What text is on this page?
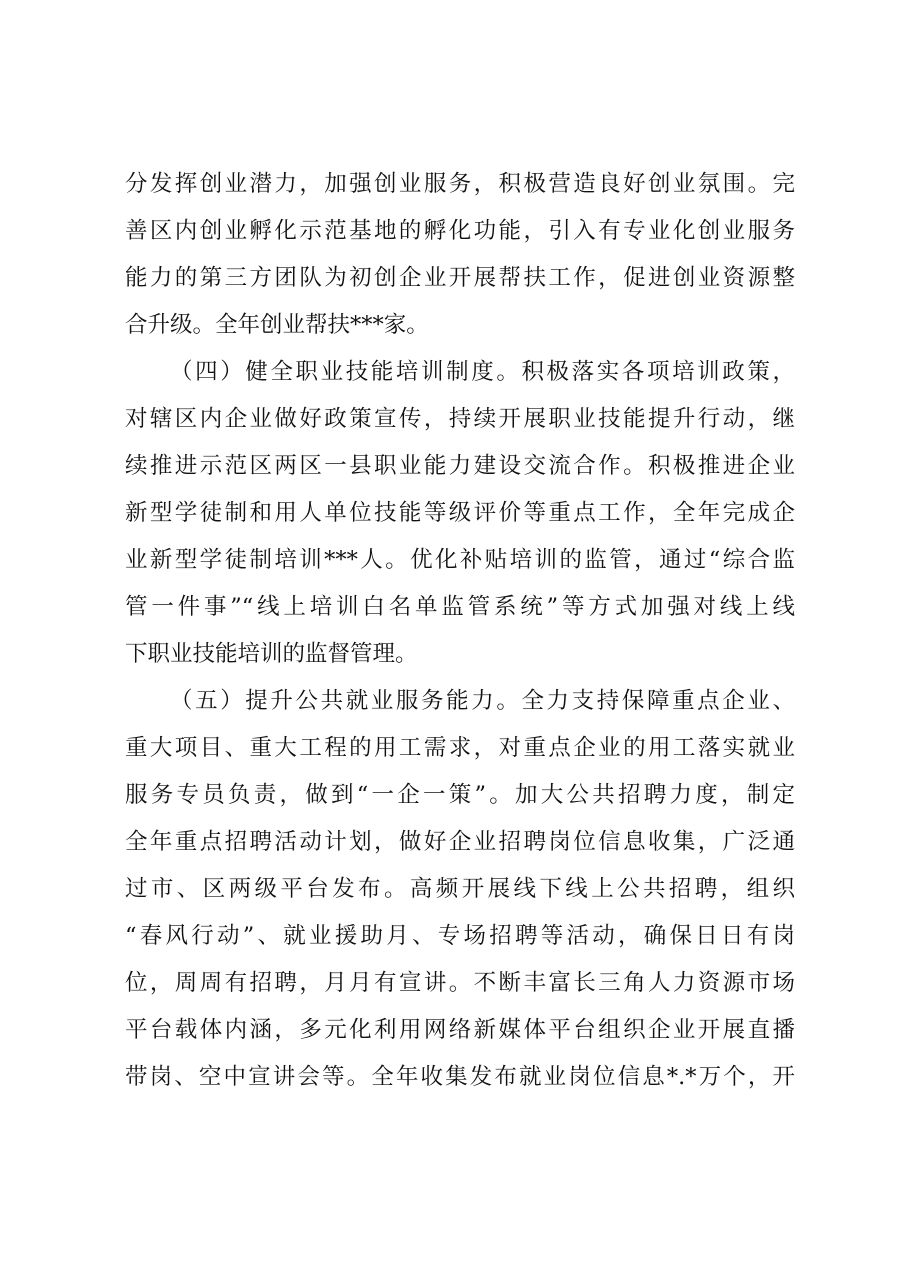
分发挥创业潜力，加强创业服务，积极营造良好创业氛围。完
善区内创业孵化示范基地的孵化功能，引入有专业化创业服务
能力的第三方团队为初创企业开展帮扶工作，促进创业资源整
合升级。全年创业帮扶***家。
（四）健全职业技能培训制度。积极落实各项培训政策，
对辖区内企业做好政策宣传，持续开展职业技能提升行动，继
续推进示范区两区一县职业能力建设交流合作。积极推进企业
新型学徒制和用人单位技能等级评价等重点工作，全年完成企
业新型学徒制培训***人。优化补贴培训的监管，通过“综合监
管一件事”“线上培训白名单监管系统”等方式加强对线上线
下职业技能培训的监督管理。
（五）提升公共就业服务能力。全力支持保障重点企业、
重大项目、重大工程的用工需求，对重点企业的用工落实就业
服务专员负责，做到“一企一策”。加大公共招聘力度，制定
全年重点招聘活动计划，做好企业招聘岗位信息收集，广泛通
过市、区两级平台发布。高频开展线下线上公共招聘，组织
“春风行动”、就业援助月、专场招聘等活动，确保日日有岗
位，周周有招聘，月月有宣讲。不断丰富长三角人力资源市场
平台载体内涵，多元化利用网络新媒体平台组织企业开展直播
带岗、空中宣讲会等。全年收集发布就业岗位信息*.*万个，开
